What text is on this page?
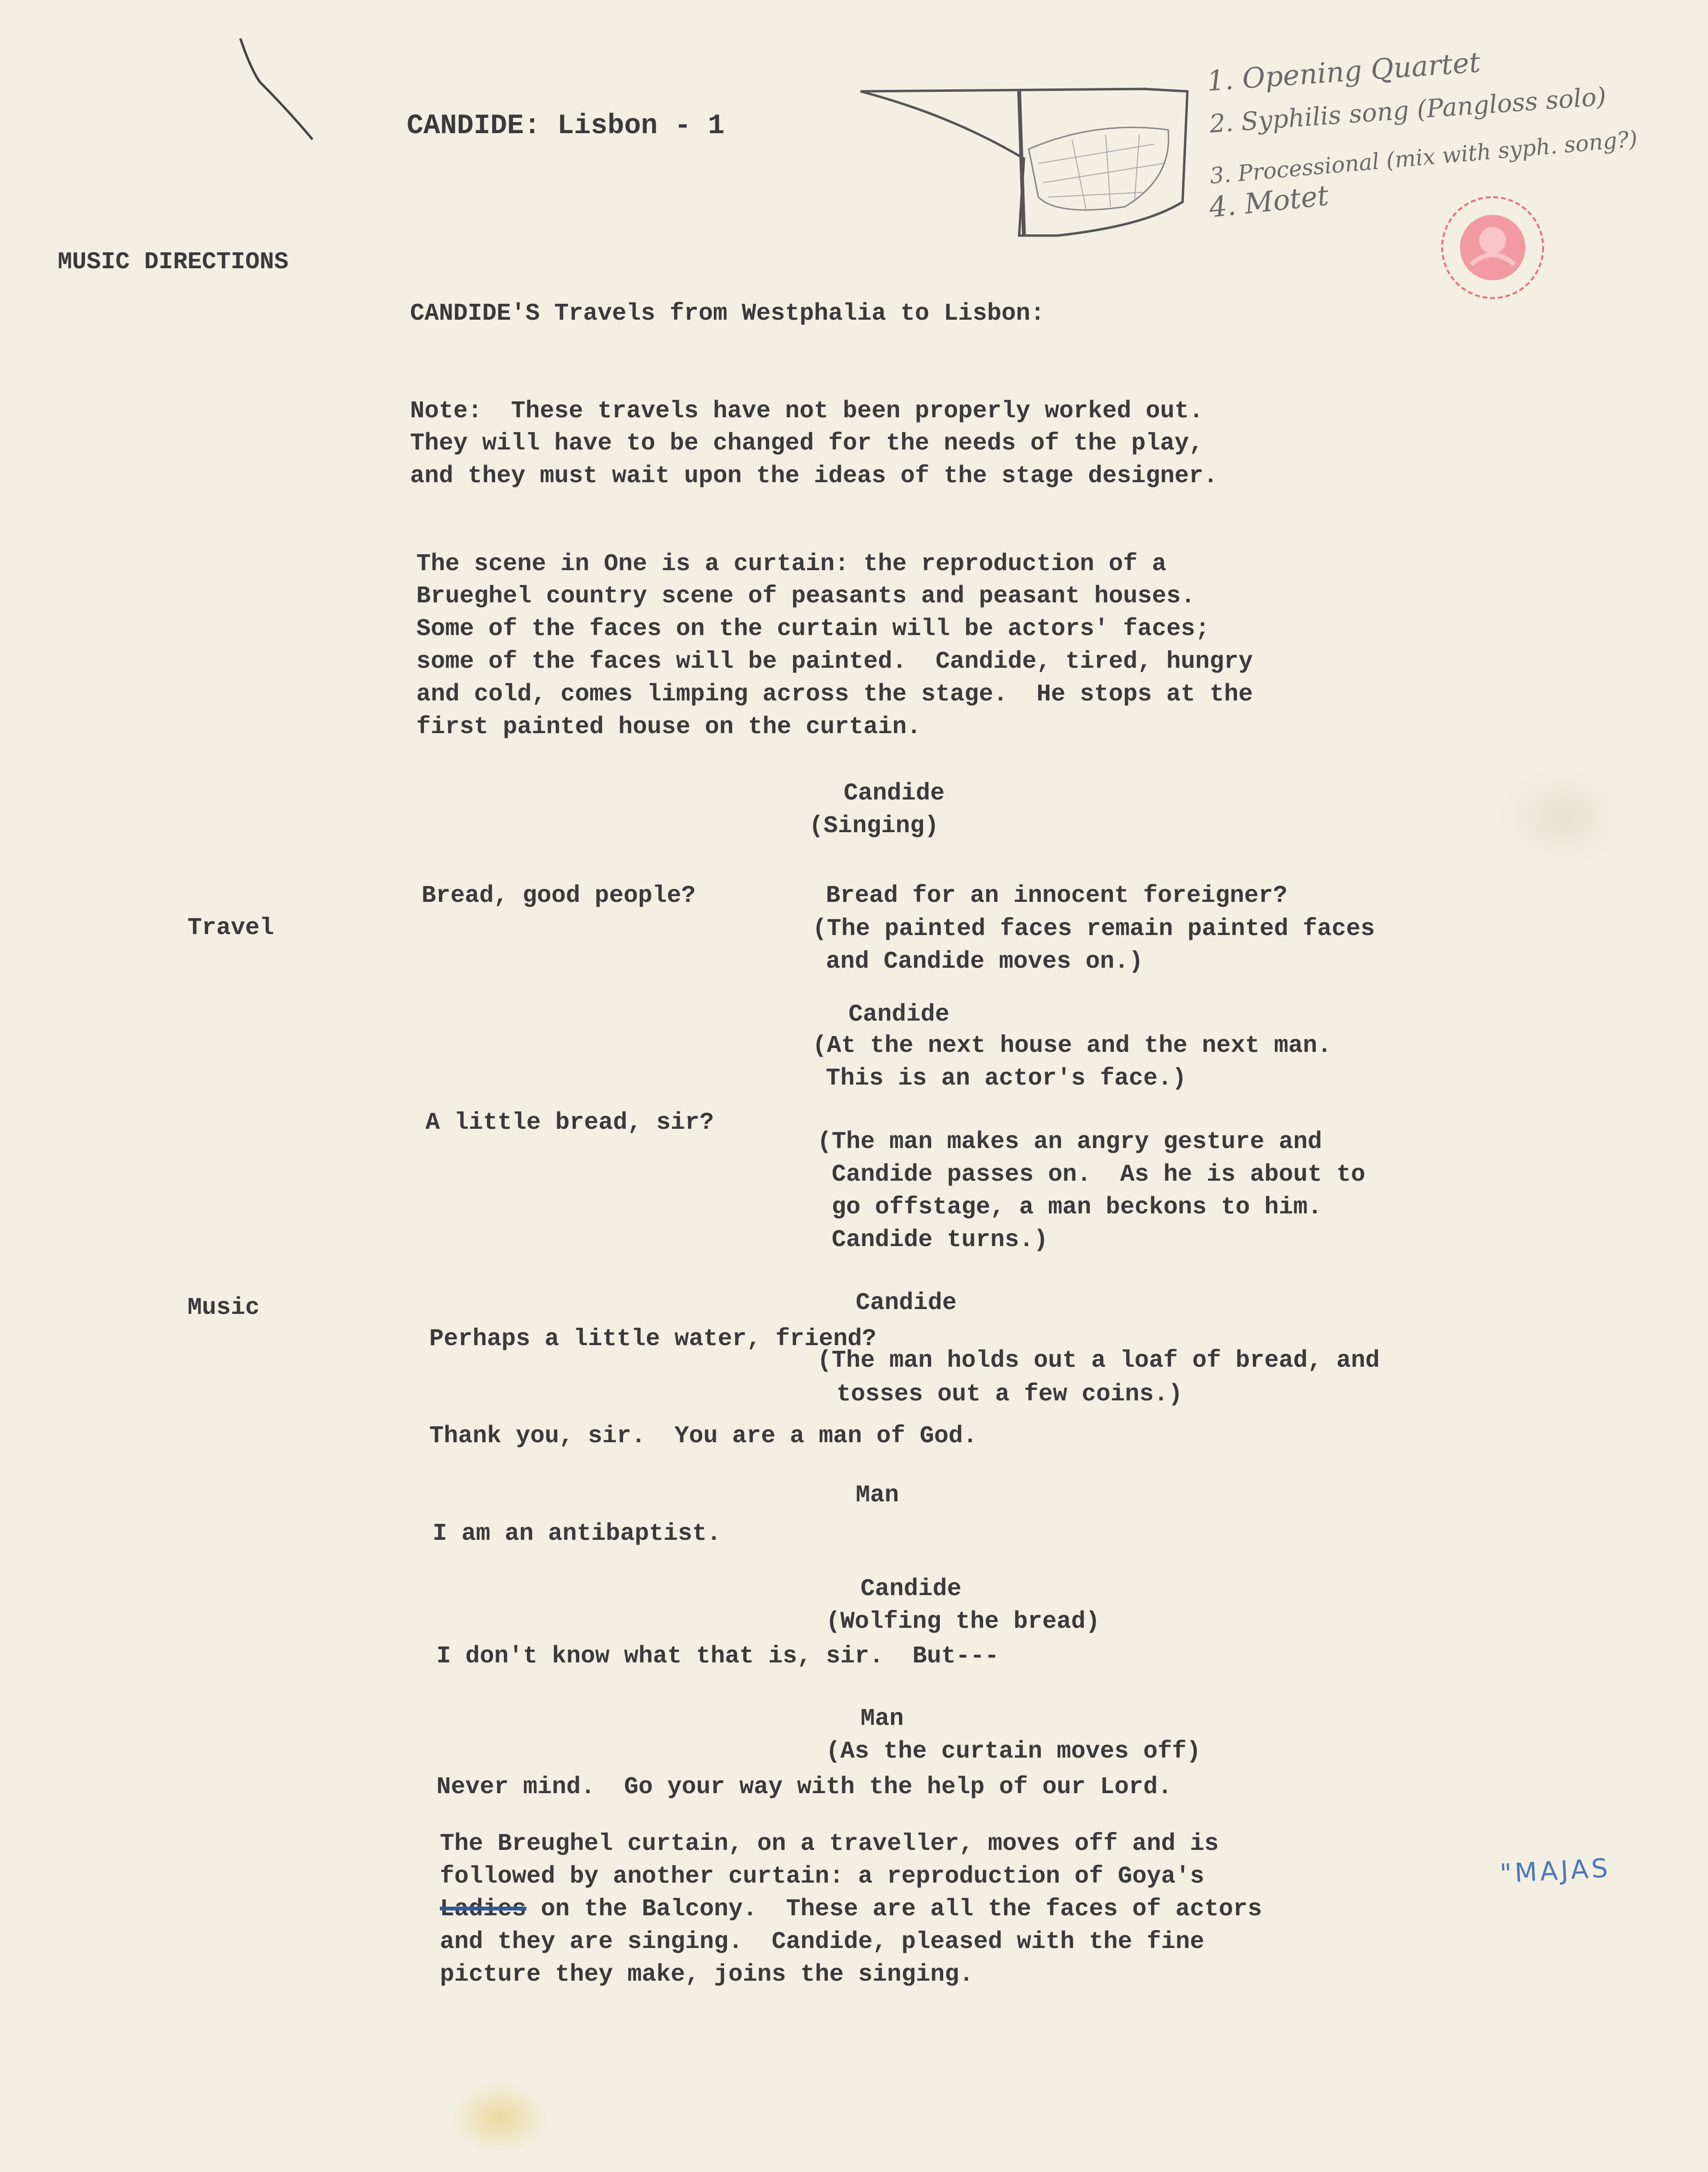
CANDIDE: Lisbon - 1
1. Opening Quartet
2. Syphilis song (Pangloss solo)
3. Processional (mix with syph. song?)
4. Motet
MUSIC DIRECTIONS
CANDIDE'S Travels from Westphalia to Lisbon:
Note:  These travels have not been properly worked out.
They will have to be changed for the needs of the play,
and they must wait upon the ideas of the stage designer.
The scene in One is a curtain: the reproduction of a
Brueghel country scene of peasants and peasant houses.
Some of the faces on the curtain will be actors' faces;
some of the faces will be painted.  Candide, tired, hungry
and cold, comes limping across the stage.  He stops at the
first painted house on the curtain.
Candide
(Singing)
Travel
Bread, good people?	Bread for an innocent foreigner?
(The painted faces remain painted faces
and Candide moves on.)
Candide
(At the next house and the next man.
This is an actor's face.)
A little bread, sir?
(The man makes an angry gesture and
Candide passes on.  As he is about to
go offstage, a man beckons to him.
Candide turns.)
Music	Candide
Perhaps a little water, friend?
(The man holds out a loaf of bread, and
tosses out a few coins.)
Thank you, sir.  You are a man of God.
Man
I am an antibaptist.
Candide
(Wolfing the bread)
I don't know what that is, sir.  But---
Man
(As the curtain moves off)
Never mind.  Go your way with the help of our Lord.
The Breughel curtain, on a traveller, moves off and is
followed by another curtain: a reproduction of Goya's	"MAJAS
Ladies on the Balcony.  These are all the faces of actors
and they are singing.  Candide, pleased with the fine
picture they make, joins the singing.
